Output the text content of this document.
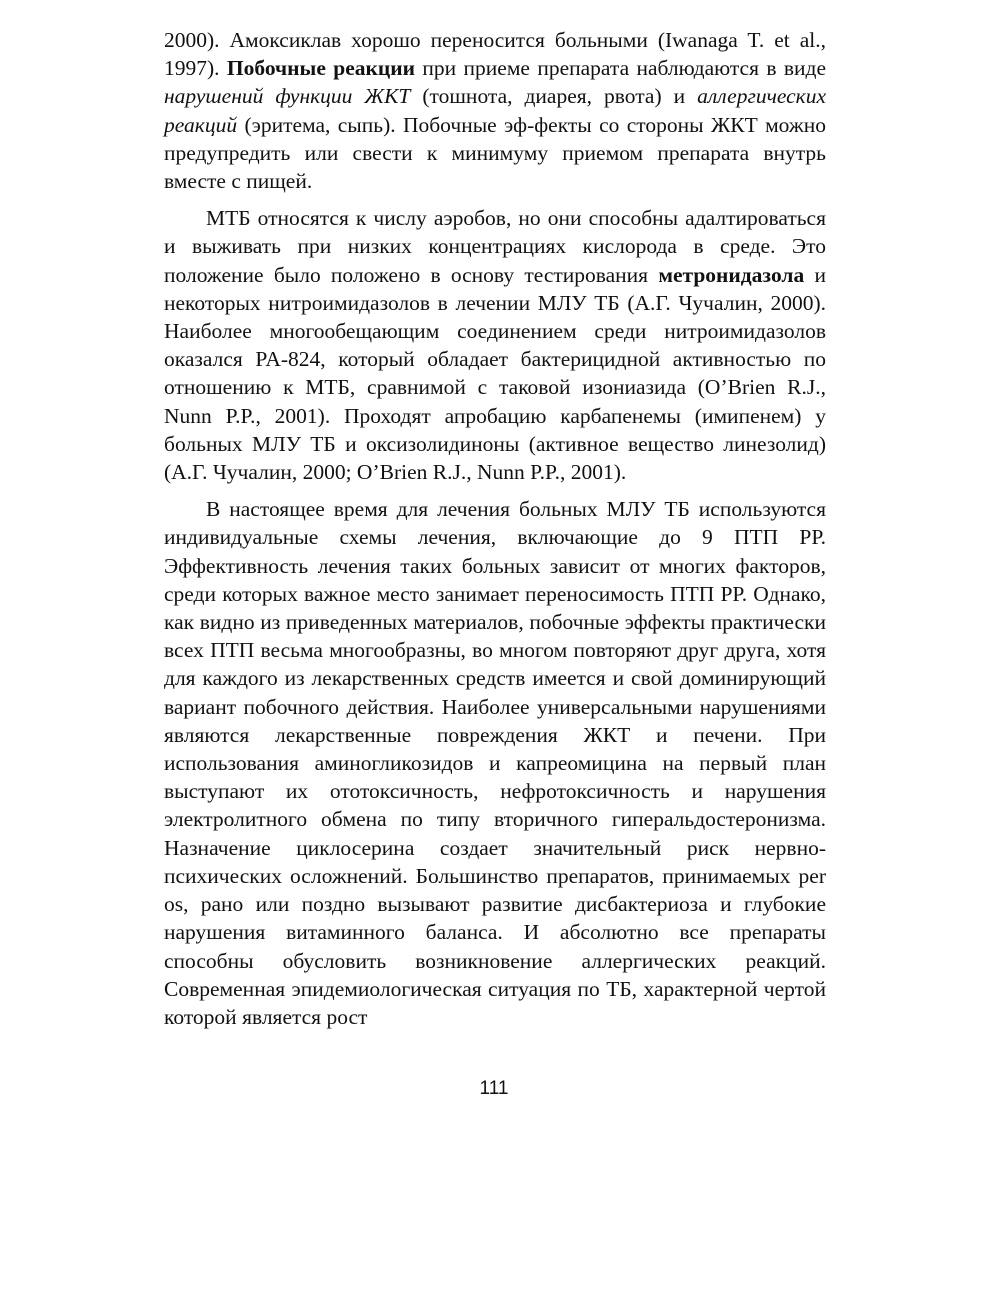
2000). Амоксиклав хорошо переносится больными (Iwanaga T. et al., 1997). Побочные реакции при приеме препарата наблюдаются в виде нарушений функции ЖКТ (тошнота, диарея, рвота) и аллергических реакций (эритема, сыпь). Побочные эф-фекты со стороны ЖКТ можно предупредить или свести к минимуму приемом препарата внутрь вместе с пищей.

МТБ относятся к числу аэробов, но они способны адалтироваться и выживать при низких концентрациях кислорода в среде. Это положение было положено в основу тестирования метронидазола и некоторых нитроимидазолов в лечении МЛУ ТБ (А.Г. Чучалин, 2000). Наиболее многообещающим соединением среди нитроимидазолов оказался PA-824, который обладает бактерицидной активностью по отношению к МТБ, сравнимой с таковой изониазида (O’Brien R.J., Nunn P.P., 2001). Проходят апробацию карбапенемы (имипенем) у больных МЛУ ТБ и оксизолидиноны (активное вещество линезолид) (А.Г. Чучалин, 2000; O’Brien R.J., Nunn P.P., 2001).

В настоящее время для лечения больных МЛУ ТБ используются индивидуальные схемы лечения, включающие до 9 ПТП РР. Эффективность лечения таких больных зависит от многих факторов, среди которых важное место занимает переносимость ПТП РР. Однако, как видно из приведенных материалов, побочные эффекты практически всех ПТП весьма многообразны, во многом повторяют друг друга, хотя для каждого из лекарственных средств имеется и свой доминирующий вариант побочного действия. Наиболее универсальными нарушениями являются лекарственные повреждения ЖКТ и печени. При использования аминогликозидов и капреомицина на первый план выступают их ототоксичность, нефротоксичность и нарушения электролитного обмена по типу вторичного гиперальдостеронизма. Назначение циклосерина создает значительный риск нервно-психических осложнений. Большинство препаратов, принимаемых per os, рано или поздно вызывают развитие дисбактериоза и глубокие нарушения витаминного баланса. И абсолютно все препараты способны обусловить возникновение аллергических реакций. Современная эпидемиологическая ситуация по ТБ, характерной чертой которой является рост

111
